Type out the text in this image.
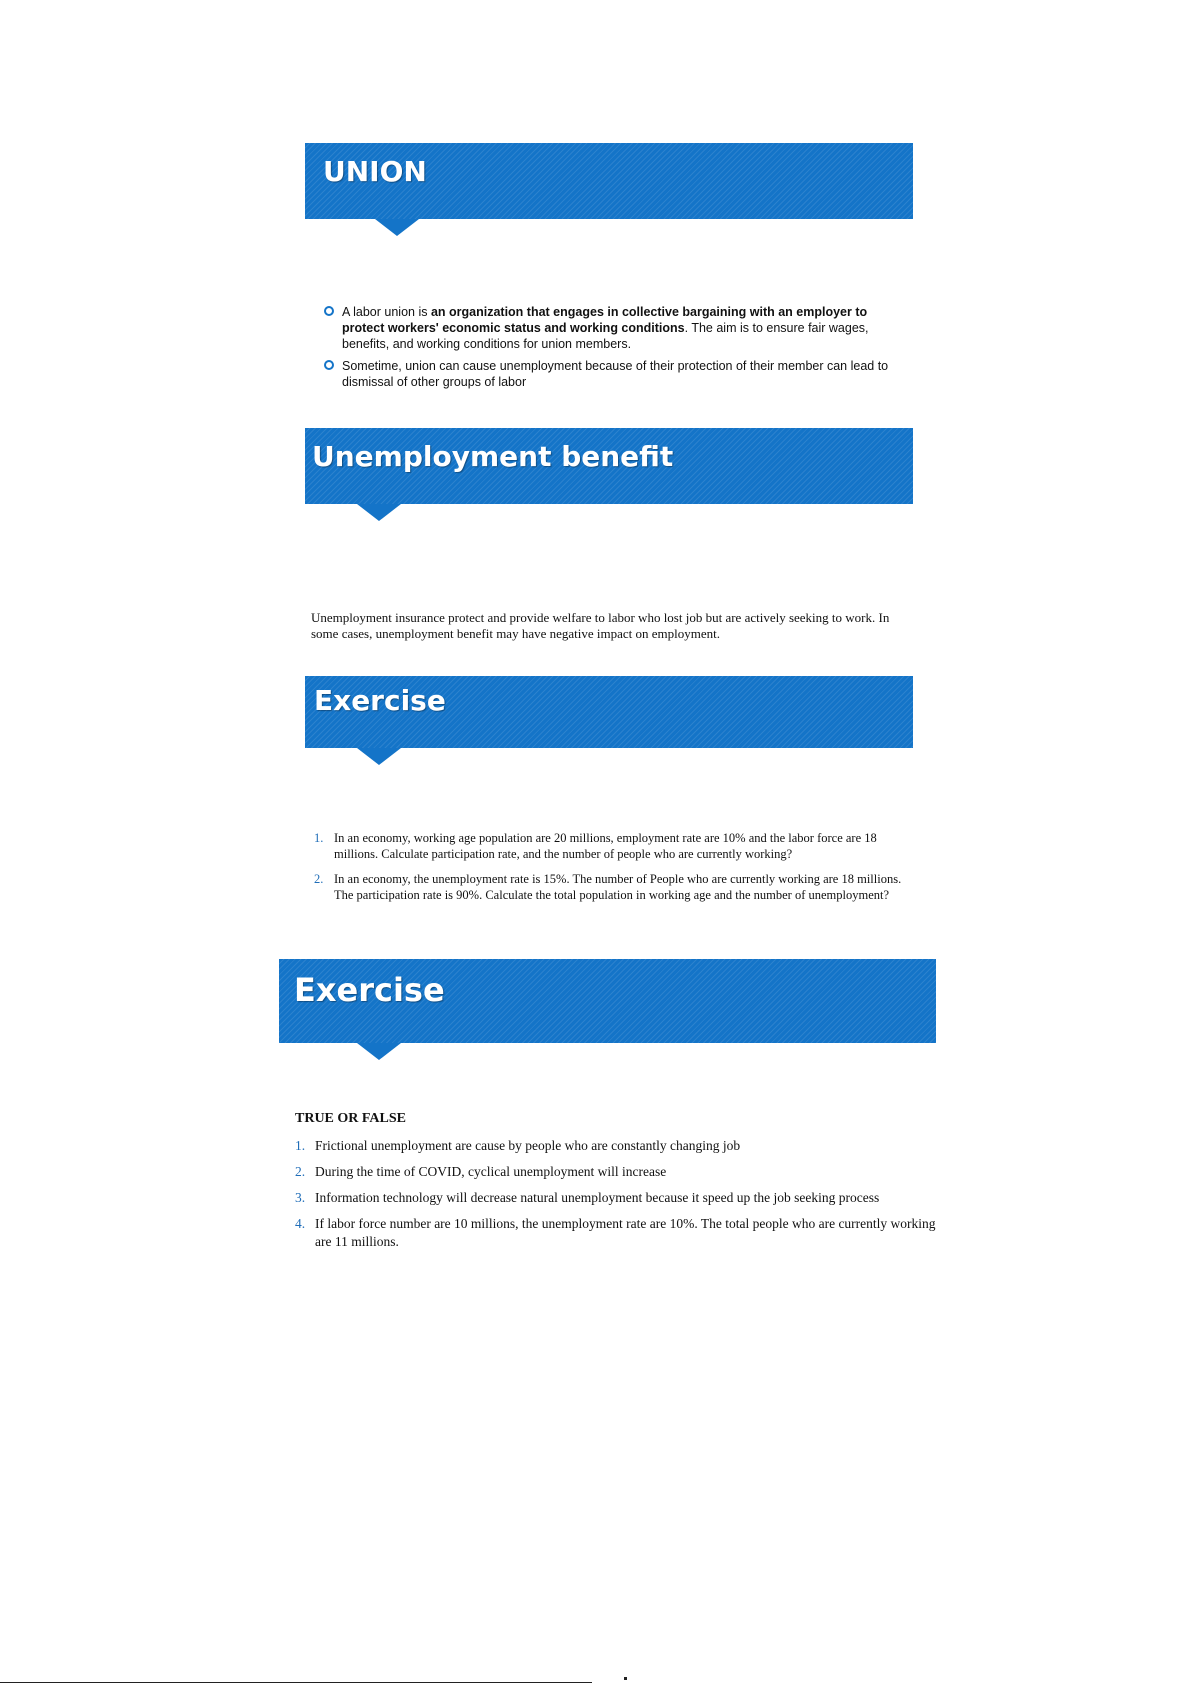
UNION

A labor union is an organization that engages in collective bargaining with an employer to protect workers' economic status and working conditions. The aim is to ensure fair wages, benefits, and working conditions for union members.

Sometime, union can cause unemployment because of their protection of their member can lead to dismissal of other groups of labor

Unemployment benefit

Unemployment insurance protect and provide welfare to labor who lost job but are actively seeking to work. In some cases, unemployment benefit may have negative impact on employment.

Exercise
1. In an economy, working age population are 20 millions, employment rate are 10% and the labor force are 18 millions. Calculate participation rate, and the number of people who are currently working?

2. In an economy, the unemployment rate is 15%. The number of People who are currently working are 18 millions. The participation rate is 90%. Calculate the total population in working age and the number of unemployment?

Exercise

TRUE OR FALSE

1. Frictional unemployment are cause by people who are constantly changing job

2. During the time of COVID, cyclical unemployment will increase

3. Information technology will decrease natural unemployment because it speed up the job seeking process

4. If labor force number are 10 millions, the unemployment rate are 10%. The total people who are currently working are 11 millions.
